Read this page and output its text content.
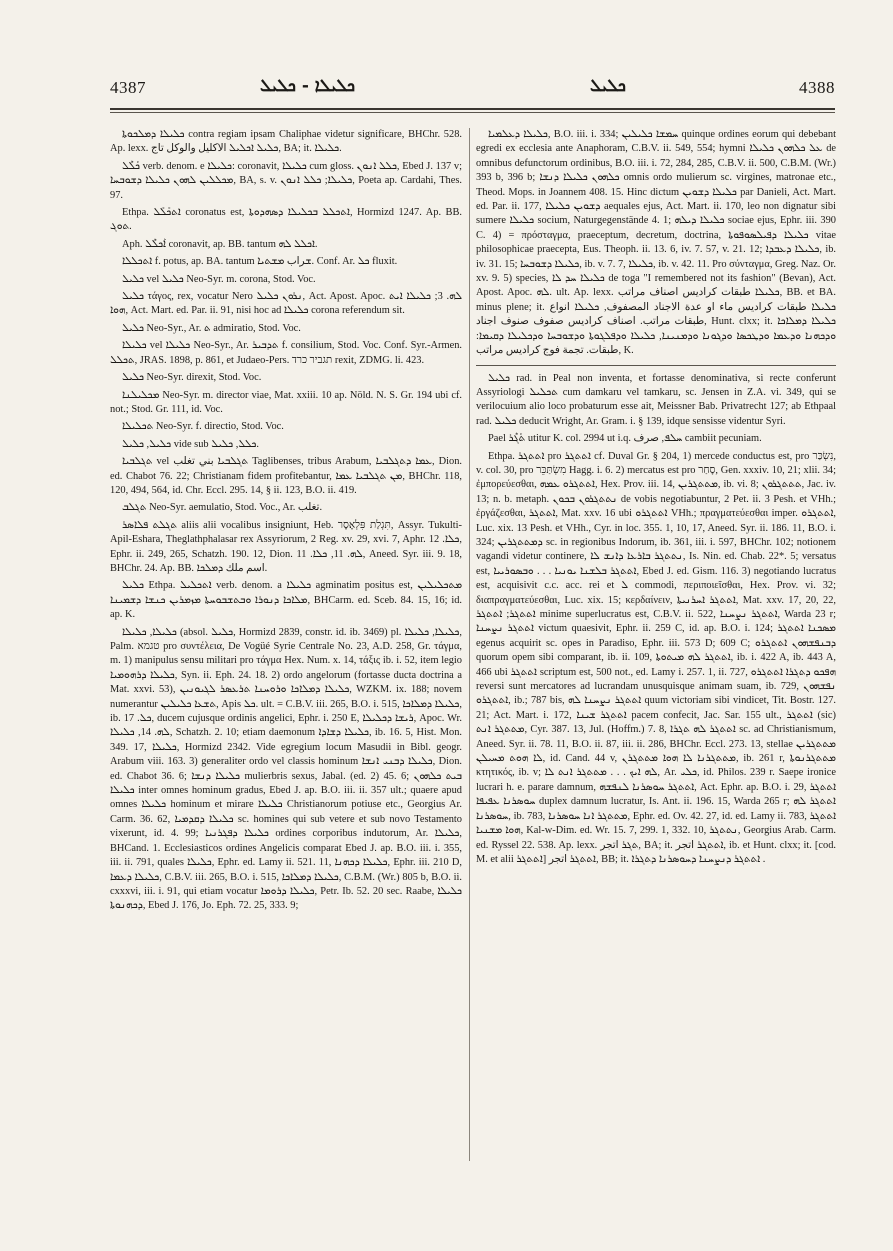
4387	ܟܠܝܠܐ - ܟܠܝܠ	ܟܠܝܠ	4388

ܟܠܝܠܐ ܕܡܠܟܘܬܐ contra regiam ipsam Chaliphae videtur significare, BHChr. 528. Ap. lexx. ܟܠܝܠ ܐܟܠܝܠ الاكليل والوكل تاج, BA; it. ܟܠܝܠܐ.

ܟܰܠܶܠ verb. denom. e ܟܠܝܠܐ: coronavit, ܟܠܝܠܐ cum gloss. ܟܠܠ ܐܢܘܢ, Ebed J. 137 v; ܡܟܠܠܝܢ ܠܗܘܢ ܟܠܝܠܐ ܕܫܘܒܚܐ, BA, s. v. ܟܠܝܠܐ; ܟܠܠ ܐܢܘܢ, Poeta ap. Cardahi, Thes. 97.

Ethpa. ܐܬܟܰܠܰܠ coronatus est, ܐܬܟܠܠ ܒܟܠܝܠܐ ܕܣܗܕܘܬܐ, Hormizd 1247. Ap. BB. ܬܘܓ.

Aph. ܐܰܟܠܶܠ coronavit, ap. BB. tantum ܐܟܠܠ ܠܗ.

ܐܬܟܠܠܐ f. potus, ap. BA. tantum ܫراب ܡܫܬܝܐ. Conf. Ar. ܟܠ fluxit.

ܟܠܝܠ vel ܟܠܝܠ Neo-Syr. m. corona, Stod. Voc.

ܟܠܝܠ τάγος, rex, vocatur Nero ܢܪܘܢ ܟܠܝܠ, Act. Apost. Apoc. ܠܗ. 3; ܟܠܝܠܐ ܐܝܬ ܗܘܐ, Act. Mart. ed. Par. ii. 91, nisi hoc ad ܟܠܝܠܐ corona referendum sit.

ܟܠܝܠ Neo-Syr., Ar. ܬ admiratio, Stod. Voc.

ܟܠܝܠܐ vel ܟܠܝܠܐ Neo-Syr., Ar. ܬܕܒܝܪ f. consilium, Stod. Voc. Conf. Syr.-Armen. ܬܟܠܠ, JRAS. 1898, p. 861, et Judaeo-Pers. תגביר כרד rexit, ZDMG. li. 423.

ܟܠܝܠ Neo-Syr. direxit, Stod. Voc.

ܡܟܠܝܠܢܐ Neo-Syr. m. director viae, Mat. xxiii. 10 ap. Nöld. N. S. Gr. 194 ubi cf. not.; Stod. Gr. 111, id. Voc.

ܬܟܠܝܠܐ Neo-Syr. f. directio, Stod. Voc.

ܟܠܝܠ, ܟܠܝܠ vide sub ܟܠܠ, ܟܠܝܠ.

ܬܓܠܒܝܐ vel ܬܓܠܒܝܐ بني تغلب Taglibenses, tribus Arabum, ܥܡܐ ܕܬܓܠܒܝܐ, Dion. ed. Chabot 76. 22; Christianam fidem profitebantur, ܡܢ ܬܓܠܒܝܐ ܥܡܐ, BHChr. 118, 120, 494, 564, id. Chr. Eccl. 295. 14, § ii. 123, B.O. ii. 419.

ܬܓܠܒ Neo-Syr. aemulatio, Stod. Voc., Ar. تغلب.

ܬܓܠܬ ܦܠܐܣܪ aliis alii vocalibus insigniunt, Heb. תִּגְלַת פִּלְאֶסֶר, Assyr. Tukulti-Apil-Eshara, Theglathphalasar rex Assyriorum, 2 Reg. xv. 29, xvi. 7, Aphr. ܟܠܐ. 12, Ephr. ii. 249, 265, Schatzh. 190. 12, Dion. ܠܗ. 11, ܟܠܐ. 11, Aneed. Syr. iii. 9. 18, BHChr. 24. Ap. BB. اسم ملك ܕܡܠܟܐ.

ܟܠܝܠ Ethpa. ܐܬܟܠܝܠ verb. denom. a ܟܠܝܠܐ agminatim positus est, ܡܬܟܠܝܠܝܢ ܡܠܐܟܐ ܕܢܘܪܐ ܘܒܬܫܒܘܚܬܐ ܡܙܡܪܝܢ ܟܢܫܐ ܕܫܡܝܢܐ, BHCarm. ed. Sceb. 84. 15, 16; id. ap. K.

ܟܠܝܠܐ, ܟܠܝܠܐ (absol. ܟܠܝܠ, Hormizd 2839, constr. id. ib. 3469) pl. ܟܠܝܠܐ, ܟܠܝܠܐ, Palm. טגמא pro συντέλεια, De Vogüé Syrie Centrale No. 23, A.D. 258, Gr. τάγμα, m. 1) manipulus sensu militari pro τάγμα Hex. Num. x. 14, τάξις ib. i. 52, item legio ܟܠܝܠܐ ܕܪܗܘܡܝܐ, Syn. ii. Eph. 24. 18. 2) ordo angelorum (fortasse ducta doctrina a Mat. xxvi. 53), ܟܠܝܠܐ ܕܡܠܐܟܐ ܘܪܘܚܢܐ ܬܪܥܣܪ ܠܓܝܘܢܝܢ, WZKM. ix. 188; novem numerantur ܬܫܥܐ ܟܠܝܠܝܢ, Apis ܟܠ. ult. = C.B.V. iii. 265, B.O. i. 515, ܟܠܝܠܐ ܕܡܠܐܟܐ, ib. ܟܠ. 17, ducem cujusque ordinis angelici, Ephr. i. 250 E, ܪܝܫܐ ܕܟܠܝܠܐ, Apoc. Wr. ܠܗ. 14, ܟܠܝܠܐ, Schatzh. 2. 10; etiam daemonum ܟܠܝܠܐ ܕܫܐܕܐ, ib. 16. 5, Hist. Mon. 349. 17, ܟܠܝܠܐ, Hormizd 2342. Vide egregium locum Masudii in Bibl. geogr. Arabum viii. 163. 3) generaliter ordo vel classis hominum ܟܠܝܠܐ ܕܒܢܝ ܐܢܫܐ, Dion. ed. Chabot 36. 6; ܟܠܝܠܐ ܕܢܫܐ mulierbris sexus, Jabal. (ed. 2) 45. 6; ܒܝܬ ܟܠܗܘܢ ܟܠܝܠܐ inter omnes hominum gradus, Ebed J. ap. B.O. iii. ii. 357 ult.; quaere apud omnes ܟܠܝܠܐ hominum et mirare ܟܠܝܠܐ Christianorum potiuse etc., Georgius Ar. Carm. 36. 62, ܟܠܝܠܐ ܕܩܕܡܝܐ sc. homines qui sub vetere et sub novo Testamento vixerunt, id. 4. 99; ܟܠܝܠܐ ܕܦܓܪܢܝܐ ordines corporibus indutorum, Ar. ܟܠܝܠܐ, BHCand. 1. Ecclesiasticos ordines Angelicis comparat Ebed J. ap. B.O. iii. i. 355, iii. ii. 791, quales ܟܠܝܠܐ, Ephr. ed. Lamy ii. 521. 11, ܟܠܝܠܐ ܕܟܗܢܐ, Ephr. iii. 210 D, ܟܠܝܠܐ ܕܥܡܐ, C.B.V. iii. 265, B.O. i. 515, ܟܠܝܠܐ ܕܡܠܐܟܐ, C.B.M. (Wr.) 805 b, B.O. ii. cxxxvi, iii. i. 91, qui etiam vocatur ܟܠܝܠܐ ܕܪܘܡܐ, Petr. Ib. 52. 20 sec. Raabe, ܟܠܝܠܐ ܕܟܗܢܘܬܐ, Ebed J. 176, Jo. Eph. 72. 25, 333. 9;

ܟܠܝܠܐ ܕܥܠܡܝܐ, B.O. iii. i. 334; ܚܡܫܐ ܟܠܝܠܝܢ quinque ordines eorum qui debebant egredi ex ecclesia ante Anaphoram, C.B.V. ii. 549, 554; hymni ܥܠ ܟܠܗܘܢ ܟܠܝܠܐ de omnibus defunctorum ordinibus, B.O. iii. i. 72, 284, 285, C.B.V. ii. 500, C.B.M. (Wr.) 393 b, 396 b; ܟܠܗܘܢ ܟܠܝܠܐ ܕܢܫܐ omnis ordo mulierum sc. virgines, matronae etc., Theod. Mops. in Joannem 408. 15. Hinc dictum ܟܠܝܠܐ ܕܫܘܝܢ par Danieli, Act. Mart. ed. Par. ii. 177, ܕܫܘܝܢ ܟܠܝܠܐ aequales ejus, Act. Mart. ii. 170, leo non dignatur sibi sumere ܟܠܝܠܐ socium, Naturgegenstände 4. 1; ܟܠܝܠܐ ܕܝܠܗ sociae ejus, Ephr. iii. 390 C. 4) = πρόσταγμα, praeceptum, decretum, doctrina, ܟܠܝܠܐ ܕܦܝܠܣܘܦܘܬܐ vitae philosophicae praecepta, Eus. Theoph. ii. 13. 6, iv. 7. 57, v. 21. 12; ܟܠܝܠܐ ܕܥܒܕܐ, ib. iv. 31. 15; ܟܠܝܠܐ ܕܫܘܒܚܐ, ib. v. 7. 7, ܟܠܝܠܐ, ib. v. 42. 11. Pro σύνταγμα, Greg. Naz. Or. xv. 9. 5) species, ܟܠܝܠܐ ܚܕ ܠܐ de toga "I remembered not its fashion" (Bevan), Act. Apost. Apoc. ܠܗ. ult. Ap. lexx. ܟܠܝܠܐ طبقات كراديس اصناف مراتب, BB. et BA. minus plene; it. ܟܠܝܠܐ طبقات كراديس ماء او عدة الاجناد المصفوف, ܟܠܝܠܐ انواع طبقات مراتب. اصناف كراديس صفوف صنوف اجناد, Hunt. clxx; it. ܟܠܝܠܐ ܕܡܠܐܟܐ ܘܕܟܗܢܐ ܘܕܥܡܐ ܘܕܛܟܣܐ ܘܕܓܘܢܐ ܘܕܡܢܝܢܐ, ܟܠܝܠܐ ܘܕܦܠܓܘܬܐ ܘܕܫܘܒܚܐ ܘܕܟܠܝܠܐ ܕܩܝܡܐ: طبقات. تجمة فوج كراديس مراتب, K.

ܟܠܝܠ rad. in Peal non inventa, et fortasse denominativa, si recte conferunt Assyriologi ܬܟܠܝܠ cum damkaru vel tamkaru, sc. Jensen in Z.A. vi. 349, qui se verilocuium alio loco probaturum esse ait, Meissner Bab. Privatrecht 127; ab Ethpaal rad. ܟܠܝܠ deducit Wright, Ar. Gram. i. § 139, idque sensisse videntur Syri.

Pael ܬܰܓܶܪ utitur K. col. 2994 ut i.q. ܚܠܦ, صرف cambiit pecuniam.

Ethpa. ܐܬܬܓܪ pro ܐܬܬܓܪ cf. Duval Gr. § 204, 1) mercede conductus est, pro נִשְׂכַּר, v. col. 30, pro מִשְׂתַּכֵּר Hagg. i. 6. 2) mercatus est pro סָחַר, Gen. xxxiv. 10, 21; xlii. 34; ἐμπορεύεσθαι, ܐܬܬܓܪܘ ܥܡܗ, Hex. Prov. iii. 14, ܡܬܬܓܪܝܢ, ib. vi. 8; ܬܬܬܓܪܘܢ, Jac. iv. 13; n. b. metaph. ܢܬܬܓܪܘܢ ܒܟܘܢ de vobis negotiabuntur, 2 Pet. ii. 3 Pesh. et VHh.; ἐργάζεσθαι, ܐܬܬܓܪ, Mat. xxv. 16 ubi ܐܬܬܓܪܘ VHh.; πραγματεύεσθαι imper. ܐܬܬܓܪܘ, Luc. xix. 13 Pesh. et VHh., Cyr. in loc. 355. 1, 10, 17, Aneed. Syr. ii. 186. 11, B.O. i. 324; ܕܡܬܬܓܪܝܢ sc. in regionibus Indorum, ib. 361, iii. i. 597, BHChr. 102; notionem vagandi videtur continere, ܢܬܬܓܪ ܒܐܪܥܐ ܕܐܢܫ ܠܐ, Is. Nin. ed. Chab. 22*. 5; versatus est, ܐܬܬܓܪ ܒܠܫܢܐ ܝܘܢܝܐ . . . ܘܒܣܘܪܝܝܐ, Ebed J. ed. Gism. 116. 3) negotiando lucratus est, acquisivit c.c. acc. rei et ܠ commodi, περιποιεῖσθαι, Hex. Prov. vi. 32; διαπραγματεύεσθαι, Luc. xix. 15; κερδαίνειν, ܐܬܬܓܪ ܐܚܪܢܝܬܐ, Mat. xxv. 17, 20, 22, ܐܬܬܓܪ; ܐܬܬܓܪ minime superlucratus est, C.B.V. ii. 522, ܐܬܬܓܪ ܢܨܚܢܐ, Warda 23 r; ܐܬܬܓܪ ܢܨܚܢܐ victum quaesivit, Ephr. ii. 259 C, id. ap. B.O. i. 124; ܡܣܟܢܐ ܐܬܬܓܪ egenus acquirit sc. opes in Paradiso, Ephr. iii. 573 D; 609 C; ܕܒܢܦܫܗܘܢ ܐܬܬܓܪܘ quorum opem sibi comparant, ib. ii. 109, ܐܬܬܓܪ ܠܗ ܡܝܬܘܬܐ, ib. i. 422 A, ib. 443 A, 466 ubi ܐܬܬܓܪ scriptum est, 500 not., ed. Lamy i. 257. 1, ii. 727, ܗܦܟܘ ܕܬܓܪܐ ܐܬܬܓܪܘ reversi sunt mercatores ad lucrandam unusquisque animam suam, ib. 729, ܢܦܫܗܘܢ ܐܬܬܓܪܘ, ib.; 787 bis, ܐܬܬܓܪ ܢܨܚܢܐ ܠܗ quum victoriam sibi vindicet, Tit. Bostr. 127. 21; Act. Mart. i. 172, ܐܬܬܓܪ ܫܝܢܐ pacem confecit, Jac. Sar. 155 ult., ܐܬܬܓܪ (sic) ܡܬܬܓܪ ܐܢܬ, Cyr. 387. 13, Jul. (Hoffm.) 7. 8, ܐܬܬܓܪ ܠܗ ܬܓܪܐ sc. ad Christianismum, Aneed. Syr. ii. 78. 11, B.O. ii. 87, iii. ii. 286, BHChr. Eccl. 273. 13, stellae ܡܬܬܓܪܝܢ ܠܐ ܗܘܬ ܡܚܝܠܢ, id. Cand. 44 v, ܡܬܬܓܪܢܐ ܠܐ ܗܘܐ ܡܬܬܓܪܢ, ib. 261 r, ܡܬܬܓܪܢܘܬܐ κτητικός, ib. v; ܠܗ ܐܝܟ . . . ܡܬܬܓܪ ܐܢܬ ܠܐ, Ar. ܟܠܝ, id. Philos. 239 r. Saepe ironice lucrari h. e. parare damnum, ܐܬܬܓܪ ܚܘܣܪܢܐ ܠܢܦܫܗ, Act. Ephr. ap. B.O. i. 29, ܐܬܬܓܪ ܚܘܣܪܢܐ ܥܦܝܦܐ duplex damnum lucratur, Is. Ant. ii. 196. 15, Warda 265 r; ܐܬܬܓܪ ܠܗ ܚܘܣܪܢܐ, ib. 783, ܡܬܬܓܪ ܐܢܐ ܚܘܣܪܢܐ, Ephr. ed. Ov. 42. 27, id. ed. Lamy ii. 783, ܐܬܬܓܪ ܗܘܐ ܡܫܢܝܐ, Kal-w-Dim. ed. Wr. 15. 7, 299. 1, 332. 10, ܢܬܬܓܪ, Georgius Arab. Carm. ed. Ryssel 22. 538. Ap. lexx. ܬܓܪ اتجر, BA; it. ܐܬܬܓܪ اتجر, ib. et Hunt. clxx; it. [cod. M. et alii ܐܬܬܓܪ] ܐܬܬܓܪ اتجر, BB; it. ܐܬܬܓܪ ܕܢܨܚܢܐ ܕܚܘܣܪܢܐ ܕܬܓܪܐ .
